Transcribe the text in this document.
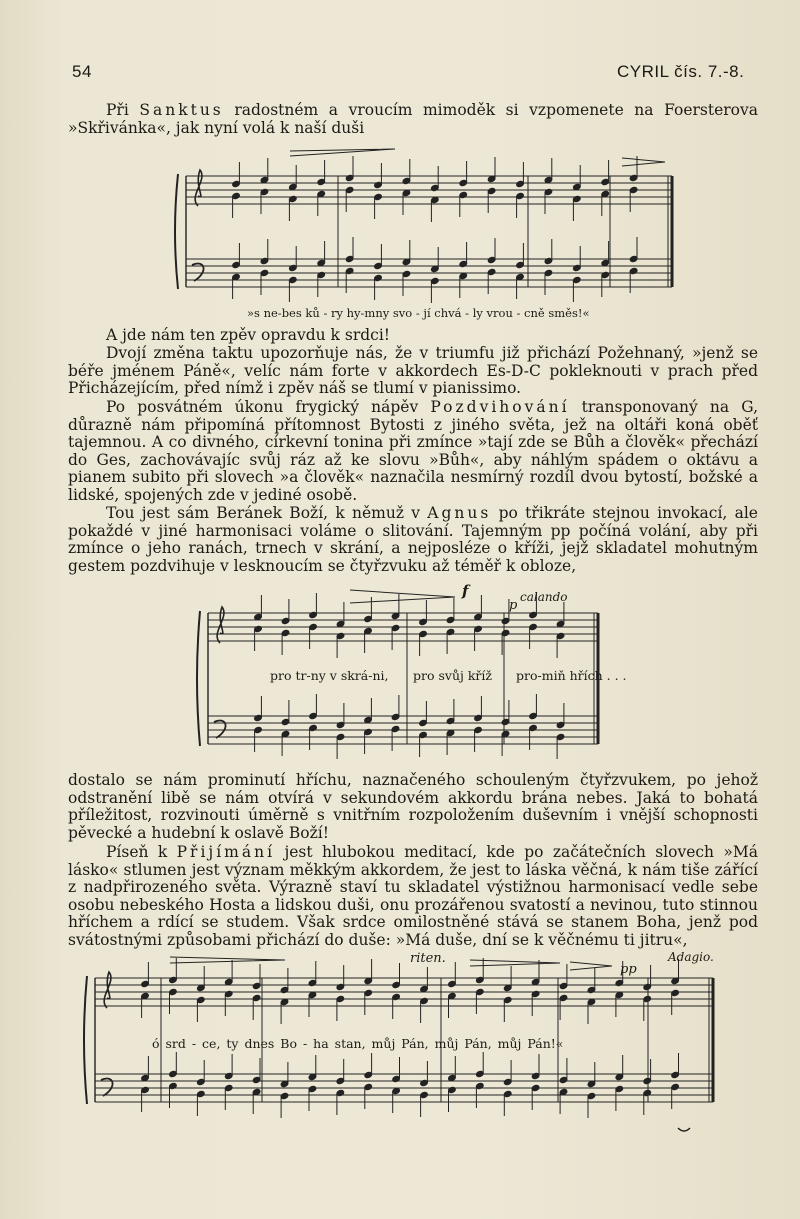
54	CYRIL čís. 7.-8.
Při Sanktus radostném a vroucím mimoděk si vzpomenete na Foersterova »Skřivánka«, jak nyní volá k naší duši
»s ne-bes ků - ry hy-mny svo - jí chvá - ly vrou - cně směs!«
A jde nám ten zpěv opravdu k srdci!
Dvojí změna taktu upozorňuje nás, že v triumfu již přichází Požehnaný, »jenž se béře jménem Páně«, velíc nám forte v akkordech Es-D-C pokleknouti v prach před Přicházejícím, před nímž i zpěv náš se tlumí v pianissimo.
Po posvátném úkonu frygický nápěv Pozdvihování transponovaný na G, důrazně nám připomíná přítomnost Bytosti z jiného světa, jež na oltáři koná oběť tajemnou. A co divného, církevní tonina při zmínce »tají zde se Bůh a člověk« přechází do Ges, zachovávajíc svůj ráz až ke slovu »Bůh«, aby náhlým spádem o oktávu a pianem subito při slovech »a člověk« naznačila nesmírný rozdíl dvou bytostí, božské a lidské, spojených zde v jediné osobě.
Tou jest sám Beránek Boží, k němuž v Agnus po třikráte stejnou invokací, ale pokaždé v jiné harmonisaci voláme o slitování. Tajemným pp počíná volání, aby při zmínce o jeho ranách, trnech v skrání, a nejposléze o kříži, jejž skladatel mohutným gestem pozdvihuje v lesknoucím se čtyřzvuku až téměř k obloze,
f
p
calando
pro tr-ny v skrá-ni, pro svůj kříž pro-miň hřích . . .
dostalo se nám prominutí hříchu, naznačeného schouleným čtyřzvukem, po jehož odstranění libě se nám otvírá v sekundovém akkordu brána nebes. Jaká to bohatá příležitost, rozvinouti úměrně s vnitřním rozpoložením duševním i vnější schopnosti pěvecké a hudební k oslavě Boží!
Píseň k Přijímání jest hlubokou meditací, kde po začátečních slovech »Má lásko« stlumen jest význam měkkým akkordem, že jest to láska věčná, k nám tiše zářící z nadpřirozeného světa. Výrazně staví tu skladatel výstižnou harmonisací vedle sebe osobu nebeského Hosta a lidskou duši, onu prozářenou svatostí a nevinou, tuto stinnou hříchem a rdící se studem. Však srdce omilostněné stává se stanem Boha, jenž pod svátostnými způsobami přichází do duše: »Má duše, dní se k věčnému ti jitru«,
riten.
pp
Adagio.
ó srd - ce, ty dnes Bo - ha stan, můj Pán, můj Pán, můj Pán!«
